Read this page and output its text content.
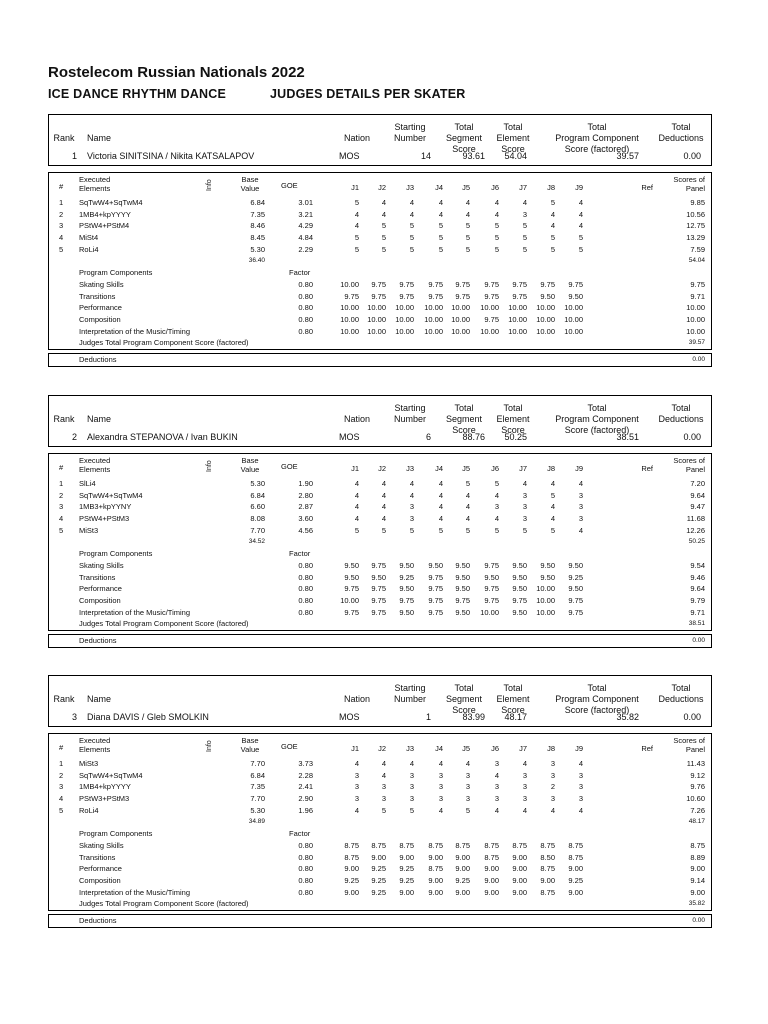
Rostelecom Russian Nationals 2022
ICE DANCE RHYTHM DANCE	JUDGES DETAILS PER SKATER
Rank	Name	Nation
Starting
Number
Total
Segment
Score
Total
Element
Score
Total
Program Component
Score (factored)
Total
Deductions
1 Victoria SINITSINA / Nikita KATSALAPOV	MOS	14	93.61	54.04	39.57	0.00
#
Executed
Elements	Info	Base
Value	GOE	J1	J2	J3	J4	J5	J6	J7	J8	J9	Ref
Scores of
Panel
1	SqTwW4+SqTwM4	6.84	3.01	5	4	4	4	4	4	4	5	4	9.85
2	1MB4+kpYYYY	7.35	3.21	4	4	4	4	4	4	3	4	4	10.56
3	PStW4+PStM4	8.46	4.29	4	5	5	5	5	5	5	4	4	12.75
4	MiSt4	8.45	4.84	5	5	5	5	5	5	5	5	5	13.29
5	RoLi4	5.30	2.29	5	5	5	5	5	5	5	5	5	7.59
36.40	54.04
Program Components	Factor
Skating Skills	0.80	10.00	9.75	9.75	9.75	9.75	9.75	9.75	9.75	9.75	9.75
Transitions	0.80	9.75	9.75	9.75	9.75	9.75	9.75	9.75	9.50	9.50	9.71
Performance	0.80	10.00	10.00	10.00	10.00	10.00	10.00	10.00	10.00	10.00	10.00
Composition	0.80	10.00	10.00	10.00	10.00	10.00	9.75	10.00	10.00	10.00	10.00
Interpretation of the Music/Timing	0.80	10.00	10.00	10.00	10.00	10.00	10.00	10.00	10.00	10.00	10.00
Judges Total Program Component Score (factored)	39.57
Deductions	0.00
Rank	Name	Nation
Starting
Number
Total
Segment
Score
Total
Element
Score
Total
Program Component
Score (factored)
Total
Deductions
2 Alexandra STEPANOVA / Ivan BUKIN	MOS	6	88.76	50.25	38.51	0.00
#
Executed
Elements	Info	Base
Value	GOE	J1	J2	J3	J4	J5	J6	J7	J8	J9	Ref
Scores of
Panel
1	SlLi4	5.30	1.90	4	4	4	4	5	5	4	4	4	7.20
2	SqTwW4+SqTwM4	6.84	2.80	4	4	4	4	4	4	3	5	3	9.64
3	1MB3+kpYYNY	6.60	2.87	4	4	3	4	4	3	3	4	3	9.47
4	PStW4+PStM3	8.08	3.60	4	4	3	4	4	4	3	4	3	11.68
5	MiSt3	7.70	4.56	5	5	5	5	5	5	5	5	4	12.26
34.52	50.25
Program Components	Factor
Skating Skills	0.80	9.50	9.75	9.50	9.50	9.50	9.75	9.50	9.50	9.50	9.54
Transitions	0.80	9.50	9.50	9.25	9.75	9.50	9.50	9.50	9.50	9.25	9.46
Performance	0.80	9.75	9.75	9.50	9.75	9.50	9.75	9.50	10.00	9.50	9.64
Composition	0.80	10.00	9.75	9.75	9.75	9.75	9.75	9.75	10.00	9.75	9.79
Interpretation of the Music/Timing	0.80	9.75	9.75	9.50	9.75	9.50	10.00	9.50	10.00	9.75	9.71
Judges Total Program Component Score (factored)	38.51
Deductions	0.00
Rank	Name	Nation
Starting
Number
Total
Segment
Score
Total
Element
Score
Total
Program Component
Score (factored)
Total
Deductions
3 Diana DAVIS / Gleb SMOLKIN	MOS	1	83.99	48.17	35.82	0.00
#
Executed
Elements	Info	Base
Value	GOE	J1	J2	J3	J4	J5	J6	J7	J8	J9	Ref
Scores of
Panel
1	MiSt3	7.70	3.73	4	4	4	4	4	3	4	3	4	11.43
2	SqTwW4+SqTwM4	6.84	2.28	3	4	3	3	3	4	3	3	3	9.12
3	1MB4+kpYYYY	7.35	2.41	3	3	3	3	3	3	3	2	3	9.76
4	PStW3+PStM3	7.70	2.90	3	3	3	3	3	3	3	3	3	10.60
5	RoLi4	5.30	1.96	4	5	5	4	5	4	4	4	4	7.26
34.89	48.17
Program Components	Factor
Skating Skills	0.80	8.75	8.75	8.75	8.75	8.75	8.75	8.75	8.75	8.75	8.75
Transitions	0.80	8.75	9.00	9.00	9.00	9.00	8.75	9.00	8.50	8.75	8.89
Performance	0.80	9.00	9.25	9.25	8.75	9.00	9.00	9.00	8.75	9.00	9.00
Composition	0.80	9.25	9.25	9.25	9.00	9.25	9.00	9.00	9.00	9.25	9.14
Interpretation of the Music/Timing	0.80	9.00	9.25	9.00	9.00	9.00	9.00	9.00	8.75	9.00	9.00
Judges Total Program Component Score (factored)	35.82
Deductions	0.00
